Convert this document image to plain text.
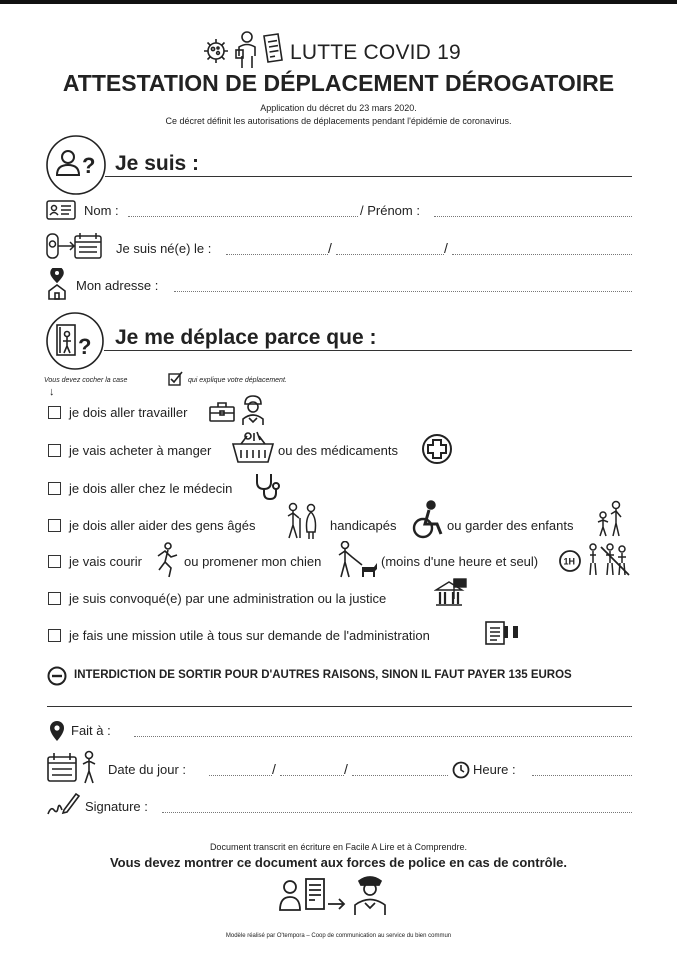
LUTTE COVID 19
ATTESTATION DE DÉPLACEMENT DÉROGATOIRE
Application du décret du 23 mars 2020.
Ce décret définit les autorisations de déplacements pendant l'épidémie de coronavirus.
? Je suis :
Nom :	/ Prénom :
Je suis né(e) le :	/	/
Mon adresse :
? Je me déplace parce que :
Vous devez cocher la case	qui explique votre déplacement.
↓
je dois aller travailler
je vais acheter à manger	ou des médicaments
je dois aller chez le médecin
je dois aller aider des gens âgés	handicapés	ou garder des enfants
je vais courir	ou promener mon chien	(moins d'une heure et seul)	1H
je suis convoqué(e) par une administration ou la justice
je fais une mission utile à tous sur demande de l'administration
INTERDICTION DE SORTIR POUR D'AUTRES RAISONS, SINON IL FAUT PAYER 135 EUROS
Fait à :
Date du jour :	/	/	Heure :
Signature :
Document transcrit en écriture en Facile A Lire et à Comprendre.
Vous devez montrer ce document aux forces de police en cas de contrôle.
Modèle réalisé par O'tempora – Coop de communication au service du bien commun
